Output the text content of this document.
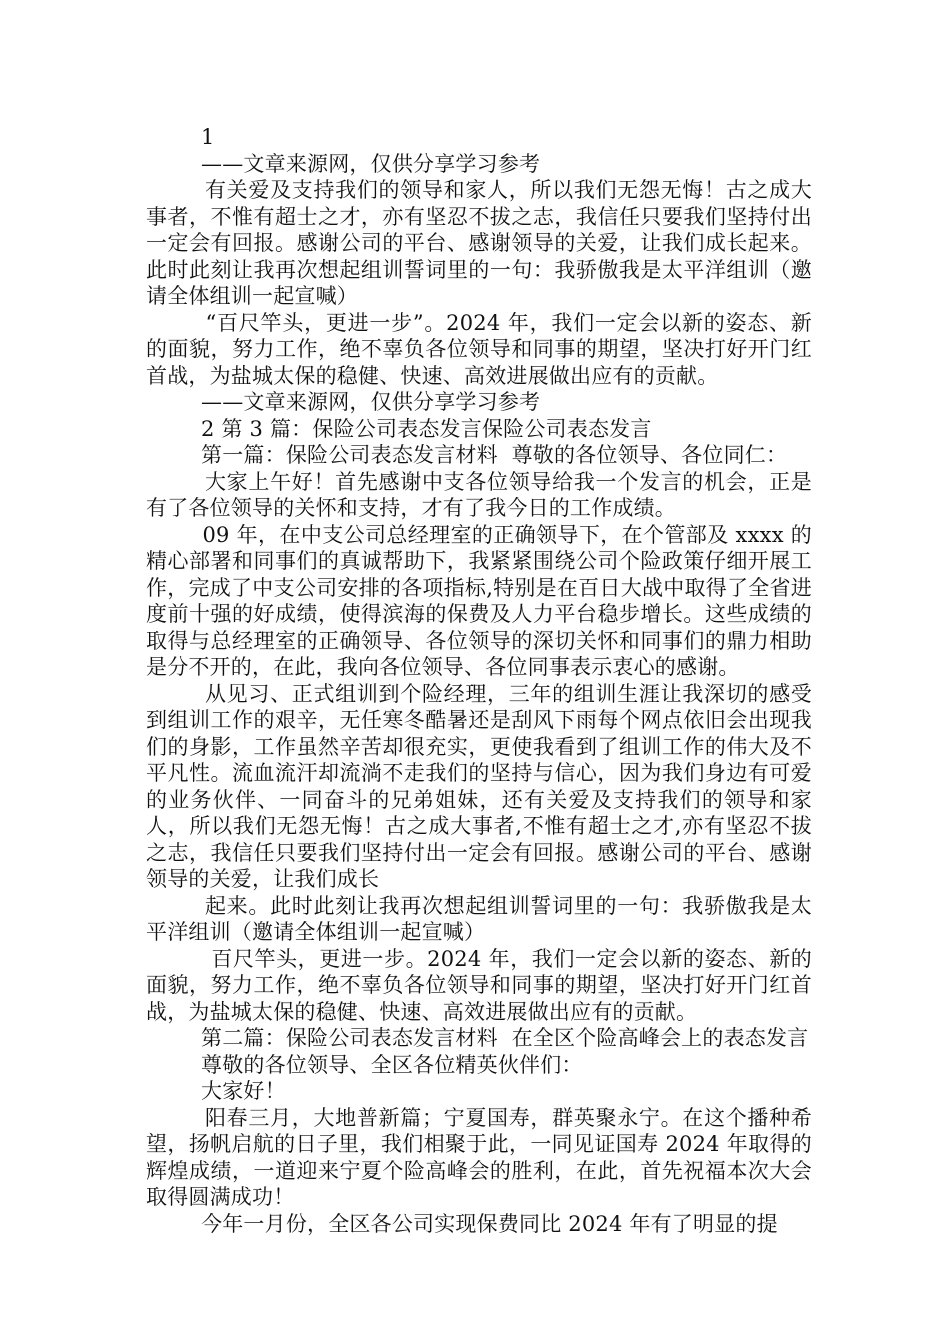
1

——文章来源网，仅供分享学习参考

有关爱及支持我们的领导和家人，所以我们无怨无悔！古之成大事者，不惟有超士之才，亦有坚忍不拔之志，我信任只要我们坚持付出一定会有回报。感谢公司的平台、感谢领导的关爱，让我们成长起来。此时此刻让我再次想起组训誓词里的一句：我骄傲我是太平洋组训（邀请全体组训一起宣喊）

“百尺竿头，更进一步”。2024 年，我们一定会以新的姿态、新的面貌，努力工作，绝不辜负各位领导和同事的期望，坚决打好开门红首战，为盐城太保的稳健、快速、高效进展做出应有的贡献。

——文章来源网，仅供分享学习参考

2 第 3 篇：保险公司表态发言保险公司表态发言

第一篇：保险公司表态发言材料  尊敬的各位领导、各位同仁：

大家上午好！首先感谢中支各位领导给我一个发言的机会，正是有了各位领导的关怀和支持，才有了我今日的工作成绩。

09 年，在中支公司总经理室的正确领导下，在个管部及 xxxx 的精心部署和同事们的真诚帮助下，我紧紧围绕公司个险政策仔细开展工作，完成了中支公司安排的各项指标,特别是在百日大战中取得了全省进度前十强的好成绩，使得滨海的保费及人力平台稳步增长。这些成绩的取得与总经理室的正确领导、各位领导的深切关怀和同事们的鼎力相助是分不开的，在此，我向各位领导、各位同事表示衷心的感谢。

从见习、正式组训到个险经理，三年的组训生涯让我深切的感受到组训工作的艰辛，无任寒冬酷暑还是刮风下雨每个网点依旧会出现我们的身影，工作虽然辛苦却很充实，更使我看到了组训工作的伟大及不平凡性。流血流汗却流淌不走我们的坚持与信心，因为我们身边有可爱的业务伙伴、一同奋斗的兄弟姐妹，还有关爱及支持我们的领导和家人，所以我们无怨无悔！古之成大事者,不惟有超士之才,亦有坚忍不拔之志，我信任只要我们坚持付出一定会有回报。感谢公司的平台、感谢领导的关爱，让我们成长

起来。此时此刻让我再次想起组训誓词里的一句：我骄傲我是太平洋组训（邀请全体组训一起宣喊）

百尺竿头，更进一步。2024 年，我们一定会以新的姿态、新的面貌，努力工作，绝不辜负各位领导和同事的期望，坚决打好开门红首战，为盐城太保的稳健、快速、高效进展做出应有的贡献。

第二篇：保险公司表态发言材料  在全区个险高峰会上的表态发言

尊敬的各位领导、全区各位精英伙伴们：

大家好！

阳春三月，大地普新篇；宁夏国寿，群英聚永宁。在这个播种希望，扬帆启航的日子里，我们相聚于此，一同见证国寿 2024 年取得的辉煌成绩，一道迎来宁夏个险高峰会的胜利，在此，首先祝福本次大会取得圆满成功！

今年一月份，全区各公司实现保费同比 2024 年有了明显的提
